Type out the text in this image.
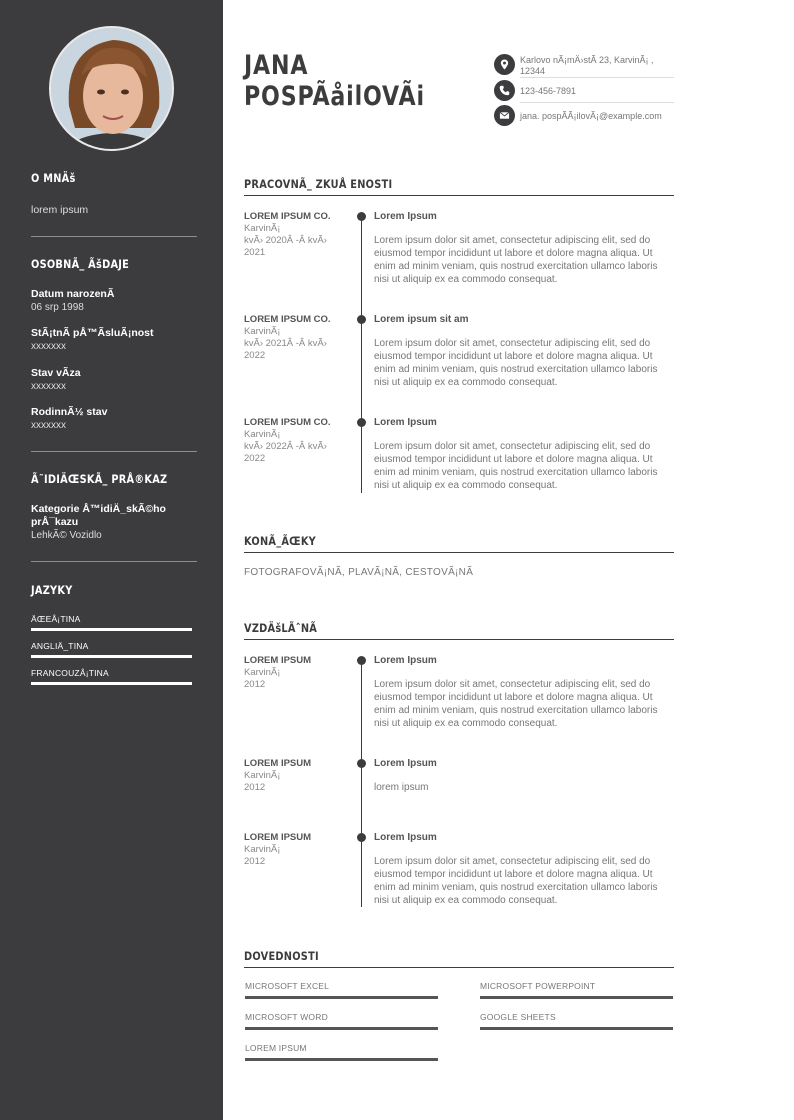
O MNÄš
lorem ipsum
OSOBNÃ_ ÃšDAJE
Datum narozenÃ
06 srp 1998
StÃ¡tnÃ pÅ™ÃsluÃ¡nost
xxxxxxx
Stav vÃza
xxxxxxx
RodinnÃ½ stav
xxxxxxx
Ã˜IDIÄŒSKÃ_ PRÅ®KAZ
Kategorie Å™idiÄ_skÃ©ho
prÅ¯kazu
LehkÃ© Vozidlo
JAZYKY
ÄŒEÅ¡TINA
ANGLIÄ_TINA
FRANCOUZÅ¡TINA
JANA
POSPÃåilOVÃi
Karlovo nÃ¡mÄ›stÃ 23, KarvinÃ¡ ,
12344
123-456-7891
jana. pospÃÃ¡ilovÃ¡@example.com
PRACOVNÃ_ ZKUÅ ENOSTI
LOREM IPSUM CO.
KarvinÃ¡
kvÃ› 2020Â -Â kvÃ›
2021
Lorem Ipsum
Lorem ipsum dolor sit amet, consectetur adipiscing elit, sed do eiusmod tempor incididunt ut labore et dolore magna aliqua. Ut enim ad minim veniam, quis nostrud exercitation ullamco laboris nisi ut aliquip ex ea commodo consequat.
LOREM IPSUM CO.
KarvinÃ¡
kvÃ› 2021Â -Â kvÃ›
2022
Lorem ipsum sit am
Lorem ipsum dolor sit amet, consectetur adipiscing elit, sed do eiusmod tempor incididunt ut labore et dolore magna aliqua. Ut enim ad minim veniam, quis nostrud exercitation ullamco laboris nisi ut aliquip ex ea commodo consequat.
LOREM IPSUM CO.
KarvinÃ¡
kvÃ› 2022Â -Â kvÃ›
2022
Lorem Ipsum
Lorem ipsum dolor sit amet, consectetur adipiscing elit, sed do eiusmod tempor incididunt ut labore et dolore magna aliqua. Ut enim ad minim veniam, quis nostrud exercitation ullamco laboris nisi ut aliquip ex ea commodo consequat.
KONÃ_ÃŒKY
FOTOGRAFOVÃ¡NÃ, PLAVÃ¡NÃ, CESTOVÃ¡NÃ
VZDÄšLÃˆNÃ
LOREM IPSUM
KarvinÃ¡
2012
Lorem Ipsum
Lorem ipsum dolor sit amet, consectetur adipiscing elit, sed do eiusmod tempor incididunt ut labore et dolore magna aliqua. Ut enim ad minim veniam, quis nostrud exercitation ullamco laboris nisi ut aliquip ex ea commodo consequat.
LOREM IPSUM
KarvinÃ¡
2012
Lorem Ipsum
lorem ipsum
LOREM IPSUM
KarvinÃ¡
2012
Lorem Ipsum
Lorem ipsum dolor sit amet, consectetur adipiscing elit, sed do eiusmod tempor incididunt ut labore et dolore magna aliqua. Ut enim ad minim veniam, quis nostrud exercitation ullamco laboris nisi ut aliquip ex ea commodo consequat.
DOVEDNOSTI
MICROSOFT EXCEL	MICROSOFT POWERPOINT
MICROSOFT WORD	GOOGLE SHEETS
LOREM IPSUM
